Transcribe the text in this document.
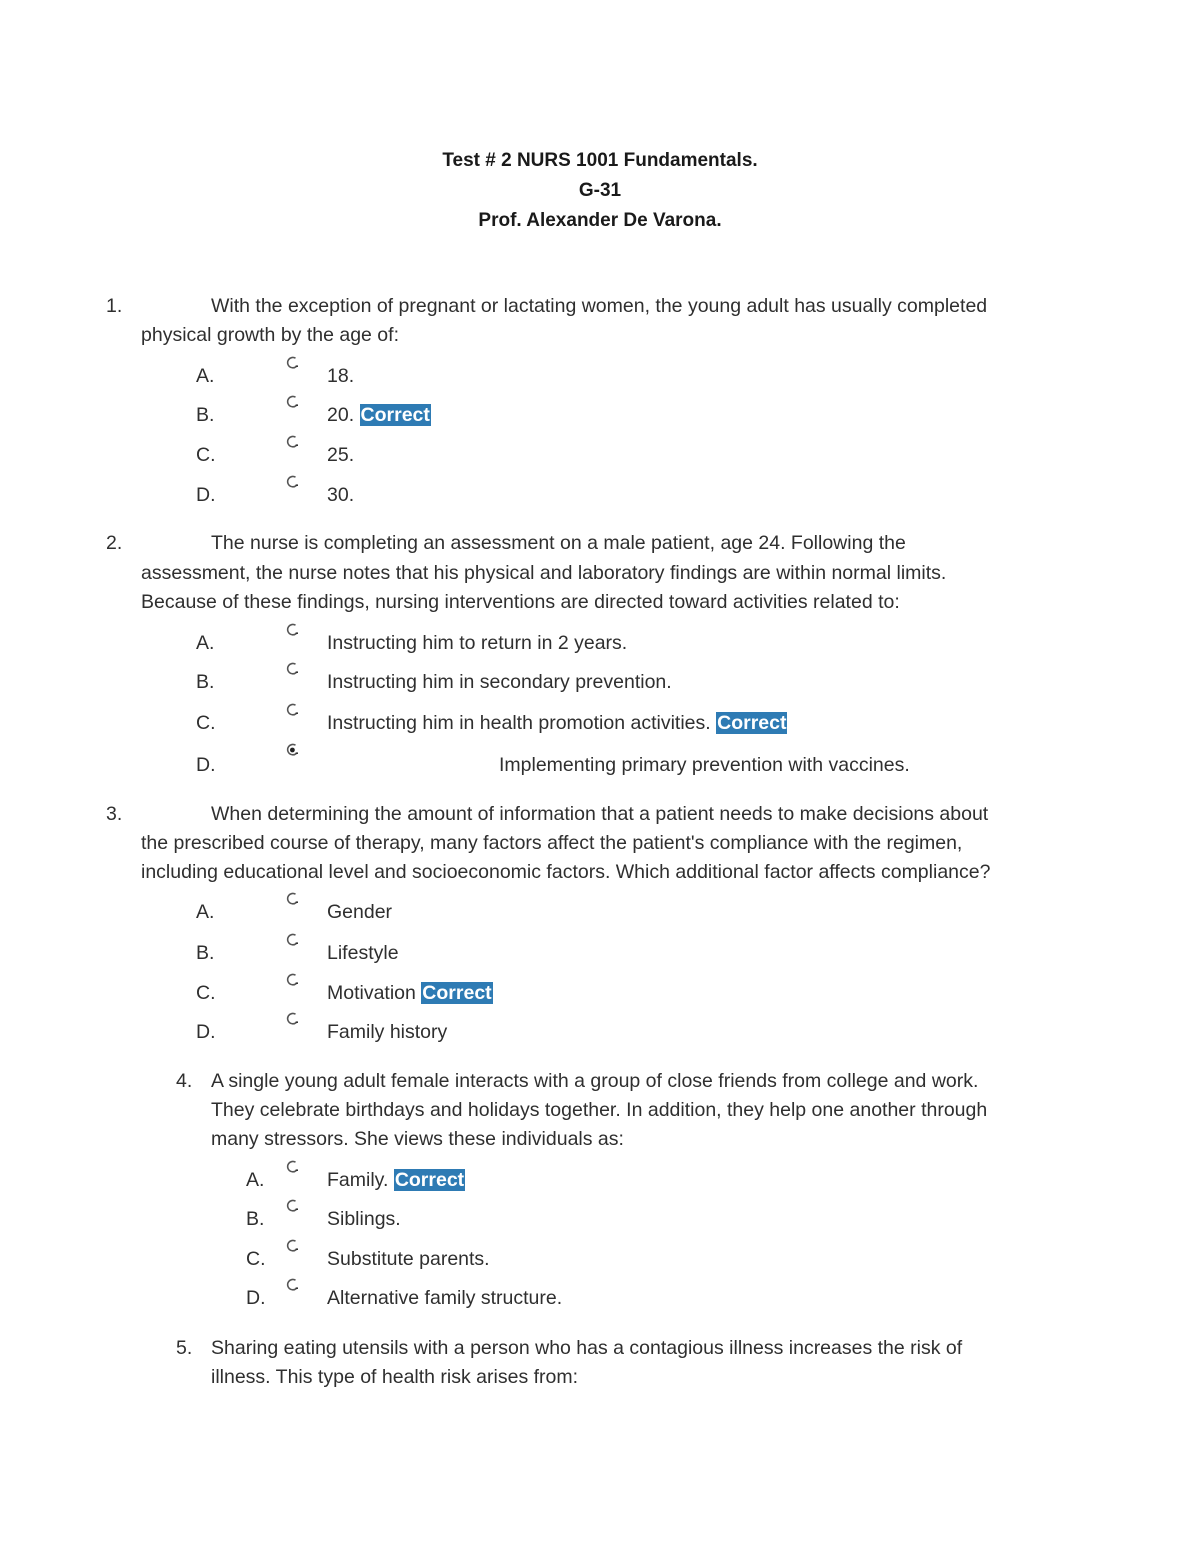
Test # 2 NURS 1001 Fundamentals.
G-31
Prof. Alexander De Varona.
1.	With the exception of pregnant or lactating women, the young adult has usually completed
physical growth by the age of:
A.	18.
B.	20. Correct
C.	25.
D.	30.
2.	The nurse is completing an assessment on a male patient, age 24. Following the
assessment, the nurse notes that his physical and laboratory findings are within normal limits.
Because of these findings, nursing interventions are directed toward activities related to:
A.	Instructing him to return in 2 years.
B.	Instructing him in secondary prevention.
C.	Instructing him in health promotion activities. Correct
D.	Implementing primary prevention with vaccines.
3.	When determining the amount of information that a patient needs to make decisions about
the prescribed course of therapy, many factors affect the patient's compliance with the regimen,
including educational level and socioeconomic factors. Which additional factor affects compliance?
A.	Gender
B.	Lifestyle
C.	Motivation Correct
D.	Family history
4. A single young adult female interacts with a group of close friends from college and work.
They celebrate birthdays and holidays together. In addition, they help one another through
many stressors. She views these individuals as:
A.	Family. Correct
B.	Siblings.
C.	Substitute parents.
D.	Alternative family structure.
5. Sharing eating utensils with a person who has a contagious illness increases the risk of
illness. This type of health risk arises from:
